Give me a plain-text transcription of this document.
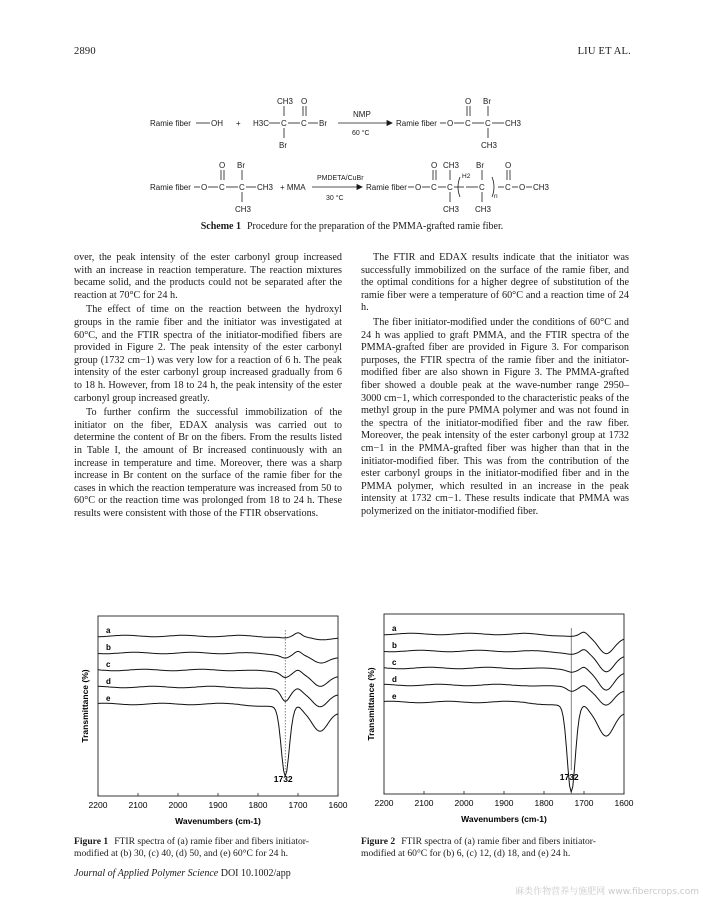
2890	LIU ET AL.
Ramie fiber	OH + H3C C
CH3
Br
C
O
Br
NMP
60 °C
Ramie fiber O C
O
C
Br
CH3
CH3
Ramie fiber O C
O
C
Br
CH3
CH3 + MMA
PMDETA/CuBr
30 °C
Ramie fiber O C
O
C
CH3
CH3
H2
C
Br
CH3
n
C
O
O CH3
Scheme 1 Procedure for the preparation of the PMMA-grafted ramie fiber.

over, the peak intensity of the ester carbonyl group increased with an increase in reaction temperature. The reaction mixtures became solid, and the products could not be separated after the reaction at 70°C for 24 h.

The effect of time on the reaction between the hydroxyl groups in the ramie fiber and the initiator was investigated at 60°C, and the FTIR spectra of the initiator-modified fibers are provided in Figure 2. The peak intensity of the ester carbonyl group (1732 cm−1) was very low for a reaction of 6 h. The peak intensity of the ester carbonyl group increased gradually from 6 to 18 h. However, from 18 to 24 h, the peak intensity of the ester carbonyl group increased greatly.

To further confirm the successful immobilization of the initiator on the fiber, EDAX analysis was carried out to determine the content of Br on the fibers. From the results listed in Table I, the amount of Br increased continuously with an increase in temperature and time. Moreover, there was a sharp increase in Br content on the surface of the ramie fiber for the cases in which the reaction temperature was increased from 50 to 60°C or the reaction time was prolonged from 18 to 24 h. These results were consistent with those of the FTIR observations.

The FTIR and EDAX results indicate that the initiator was successfully immobilized on the surface of the ramie fiber, and the optimal conditions for a higher degree of substitution of the ramie fiber were a temperature of 60°C and a reaction time of 24 h.

The fiber initiator-modified under the conditions of 60°C and 24 h was applied to graft PMMA, and the FTIR spectra of the PMMA-grafted fiber are provided in Figure 3. For comparison purposes, the FTIR spectra of the ramie fiber and the initiator-modified fiber are also shown in Figure 3. The PMMA-grafted fiber showed a double peak at the wave-number range 2950–3000 cm−1, which corresponded to the characteristic peaks of the methyl group in the pure PMMA polymer and was not found in the spectra of the initiator-modified fiber and the raw fiber. Moreover, the peak intensity of the ester carbonyl group at 1732 cm−1 in the PMMA-grafted fiber was higher than that in the initiator-modified fiber. This was from the contribution of the ester carbonyl groups in the initiator-modified fiber and in the PMMA polymer, which resulted in an increase in the peak intensity at 1732 cm−1. These results indicate that PMMA was polymerized on the initiator-modified fiber.

Transmittance (%)
2200 2100 2000 1900 1800 1700 1600
Wavenumbers (cm-1)
1732
a
b
c
d
e	Transmittance (%)
2200 2100 2000 1900 1800 1700 1600
Wavenumbers (cm-1)
1732
a
b
c
d
e
Figure 1 FTIR spectra of (a) ramie fiber and fibers initiator-modified at (b) 30, (c) 40, (d) 50, and (e) 60°C for 24 h.
Figure 2 FTIR spectra of (a) ramie fiber and fibers initiator-modified at 60°C for (b) 6, (c) 12, (d) 18, and (e) 24 h.
Journal of Applied Polymer Science DOI 10.1002/app
麻类作物营养与施肥网 www.fibercrops.com
